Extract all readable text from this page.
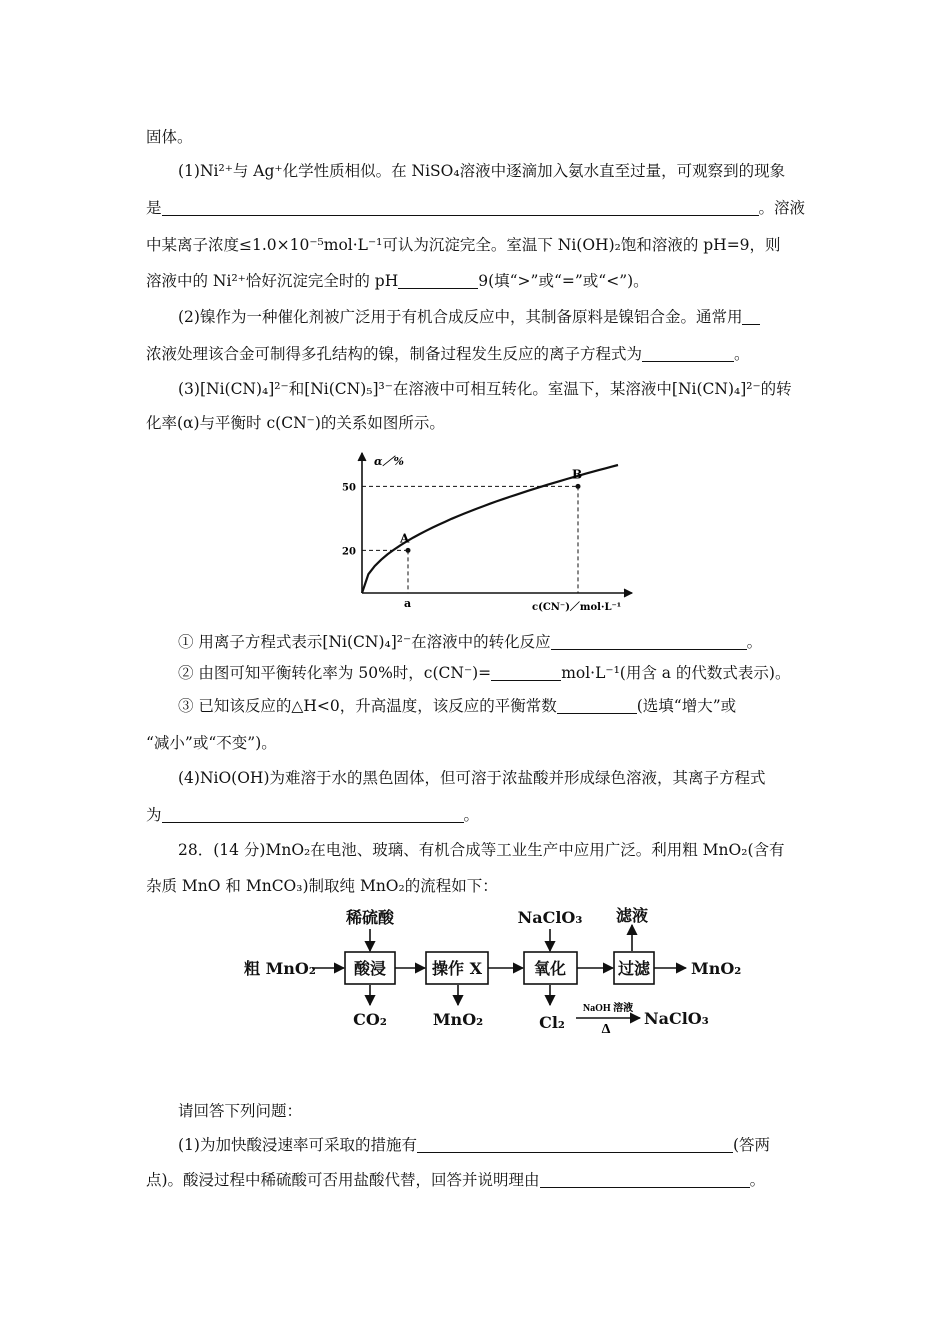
固体。
(1)Ni²⁺与 Ag⁺化学性质相似。在 NiSO₄溶液中逐滴加入氨水直至过量，可观察到的现象
是	。溶液
中某离子浓度≤1.0×10⁻⁵mol·L⁻¹可认为沉淀完全。室温下 Ni(OH)₂饱和溶液的 pH=9，则
溶液中的 Ni²⁺恰好沉淀完全时的 pH	9(填“>”或“=”或“<”)。
(2)镍作为一种催化剂被广泛用于有机合成反应中，其制备原料是镍铝合金。通常用
浓液处理该合金可制得多孔结构的镍，制备过程发生反应的离子方程式为	。
(3)[Ni(CN)₄]²⁻和[Ni(CN)₅]³⁻在溶液中可相互转化。室温下，某溶液中[Ni(CN)₄]²⁻的转
化率(α)与平衡时 c(CN⁻)的关系如图所示。
A
B
20
50
a
α／%
c(CN⁻)／mol·L⁻¹
① 用离子方程式表示[Ni(CN)₄]²⁻在溶液中的转化反应	。
② 由图可知平衡转化率为 50%时，c(CN⁻)=	mol·L⁻¹(用含 a 的代数式表示)。
③ 已知该反应的△H<0，升高温度，该反应的平衡常数	(选填“增大”或
“减小”或“不变”)。
(4)NiO(OH)为难溶于水的黑色固体，但可溶于浓盐酸并形成绿色溶液，其离子方程式
为	。
28．(14 分)MnO₂在电池、玻璃、有机合成等工业生产中应用广泛。利用粗 MnO₂(含有
杂质 MnO 和 MnCO₃)制取纯 MnO₂的流程如下：
粗 MnO₂ 酸浸	操作 X	氧化	过滤	MnO₂
稀硫酸	NaClO₃
CO₂	MnO₂	Cl₂
滤液
NaClO₃
NaOH 溶液
Δ
请回答下列问题：
(1)为加快酸浸速率可采取的措施有	(答两
点)。酸浸过程中稀硫酸可否用盐酸代替，回答并说明理由	。
